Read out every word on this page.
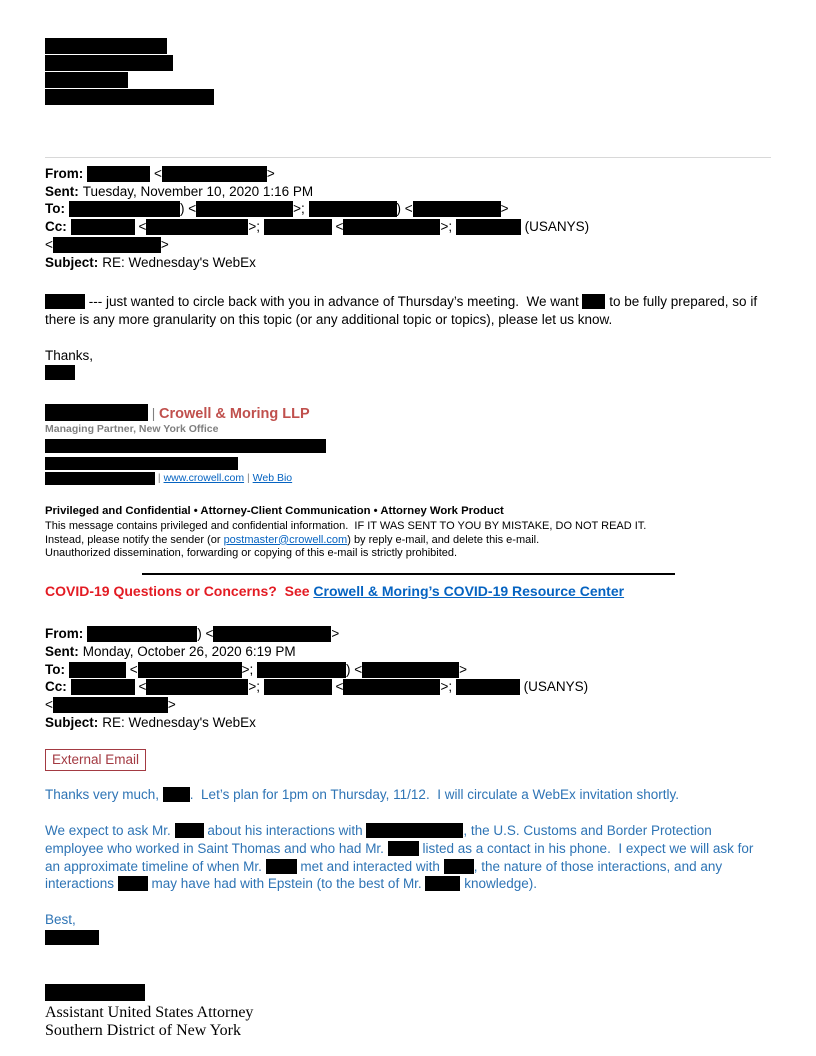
From:	<	>
Sent: Tuesday, November 10, 2020 1:16 PM
To:	) <	>;	) <	>
Cc:	<	>;	<	>;	(USANYS)
<	>
Subject: RE: Wednesday's WebEx

--- just wanted to circle back with you in advance of Thursday’s meeting.  We want  to be fully prepared, so if there is any more granularity on this topic (or any additional topic or topics), please let us know.

Thanks,

| Crowell & Moring LLP
Managing Partner, New York Office
| www.crowell.com | Web Bio
Privileged and Confidential • Attorney-Client Communication • Attorney Work Product
This message contains privileged and confidential information.  IF IT WAS SENT TO YOU BY MISTAKE, DO NOT READ IT.
Instead, please notify the sender (or postmaster@crowell.com) by reply e-mail, and delete this e-mail.
Unauthorized dissemination, forwarding or copying of this e-mail is strictly prohibited.
COVID-19 Questions or Concerns?  See Crowell & Moring’s COVID-19 Resource Center
From:	) <	>
Sent: Monday, October 26, 2020 6:19 PM
To:	<	>;	) <	>
Cc:	<	>;	<	>;	(USANYS)
<	>
Subject: RE: Wednesday's WebEx
External Email

Thanks very much, .  Let’s plan for 1pm on Thursday, 11/12.  I will circulate a WebEx invitation shortly.

We expect to ask Mr.  about his interactions with	, the U.S. Customs and Border Protection employee who worked in Saint Thomas and who had Mr.  listed as a contact in his phone.  I expect we will ask for an approximate timeline of when Mr.  met and interacted with , the nature of those interactions, and any interactions  may have had with Epstein (to the best of Mr.	knowledge).

Best,

Assistant United States Attorney
Southern District of New York
